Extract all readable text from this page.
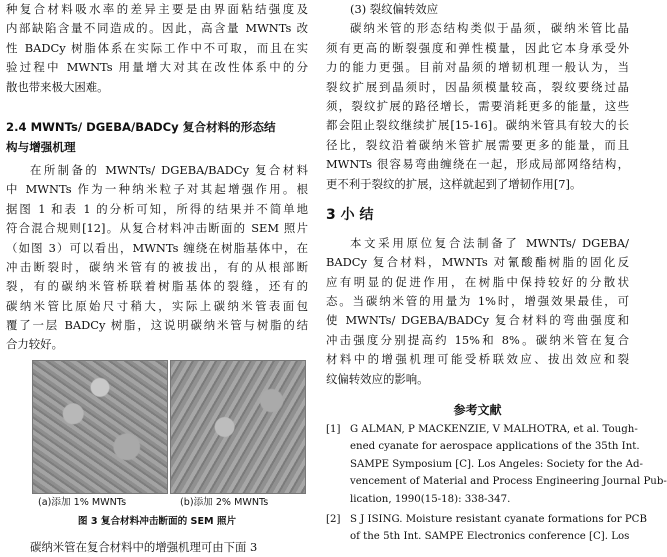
种复合材料吸水率的差异主要是由界面粘结强度及
内部缺陷含量不同造成的。因此，高含量 MWNTs 改
性 BADCy 树脂体系在实际工作中不可取，而且在实
验过程中 MWNTs 用量增大对其在改性体系中的分
散也带来极大困难。
2.4 MWNTs/ DGEBA/BADCy 复合材料的形态结
构与增强机理
在所制备的 MWNTs/ DGEBA/BADCy 复合材料
中 MWNTs 作为一种纳米粒子对其起增强作用。根
据图 1 和表 1 的分析可知，所得的结果并不简单地
符合混合规则[12]。从复合材料冲击断面的 SEM 照片
（如图 3）可以看出，MWNTs 缠绕在树脂基体中，在
冲击断裂时，碳纳米管有的被拔出，有的从根部断
裂，有的碳纳米管桥联着树脂基体的裂缝，还有的
碳纳米管比原始尺寸稍大，实际上碳纳米管表面包
覆了一层 BADCy 树脂，这说明碳纳米管与树脂的结
合力较好。
(a)添加 1% MWNTs	(b)添加 2% MWNTs
图 3 复合材料冲击断面的 SEM 照片
碳纳米管在复合材料中的增强机理可由下面 3
(3) 裂纹偏转效应
碳纳米管的形态结构类似于晶须，碳纳米管比晶
须有更高的断裂强度和弹性模量，因此它本身承受外
力的能力更强。目前对晶须的增韧机理一般认为，当
裂纹扩展到晶须时，因晶须模量较高，裂纹要绕过晶
须，裂纹扩展的路径增长，需要消耗更多的能量，这些
都会阻止裂纹继续扩展[15-16]。碳纳米管具有较大的长
径比，裂纹沿着碳纳米管扩展需要更多的能量，而且
MWNTs 很容易弯曲缠绕在一起，形成局部网络结构，
更不利于裂纹的扩展，这样就起到了增韧作用[7]。
3 小 结
本文采用原位复合法制备了 MWNTs/ DGEBA/
BADCy 复合材料，MWNTs 对氰酸酯树脂的固化反
应有明显的促进作用，在树脂中保持较好的分散状
态。当碳纳米管的用量为 1%时，增强效果最佳，可
使 MWNTs/ DGEBA/BADCy 复合材料的弯曲强度和
冲击强度分别提高约 15%和 8%。碳纳米管在复合
材料中的增强机理可能受桥联效应、拔出效应和裂
纹偏转效应的影响。
参考文献
[1] G ALMAN, P MACKENZIE, V MALHOTRA, et al. Tough-
ened cyanate for aerospace applications of the 35th Int.
SAMPE Symposium [C]. Los Angeles: Society for the Ad-
vencement of Material and Process Engineering Journal Pub-
lication, 1990(15-18): 338-347.
[2] S J ISING. Moisture resistant cyanate formations for PCB
of the 5th Int. SAMPE Electronics conference [C]. Los
